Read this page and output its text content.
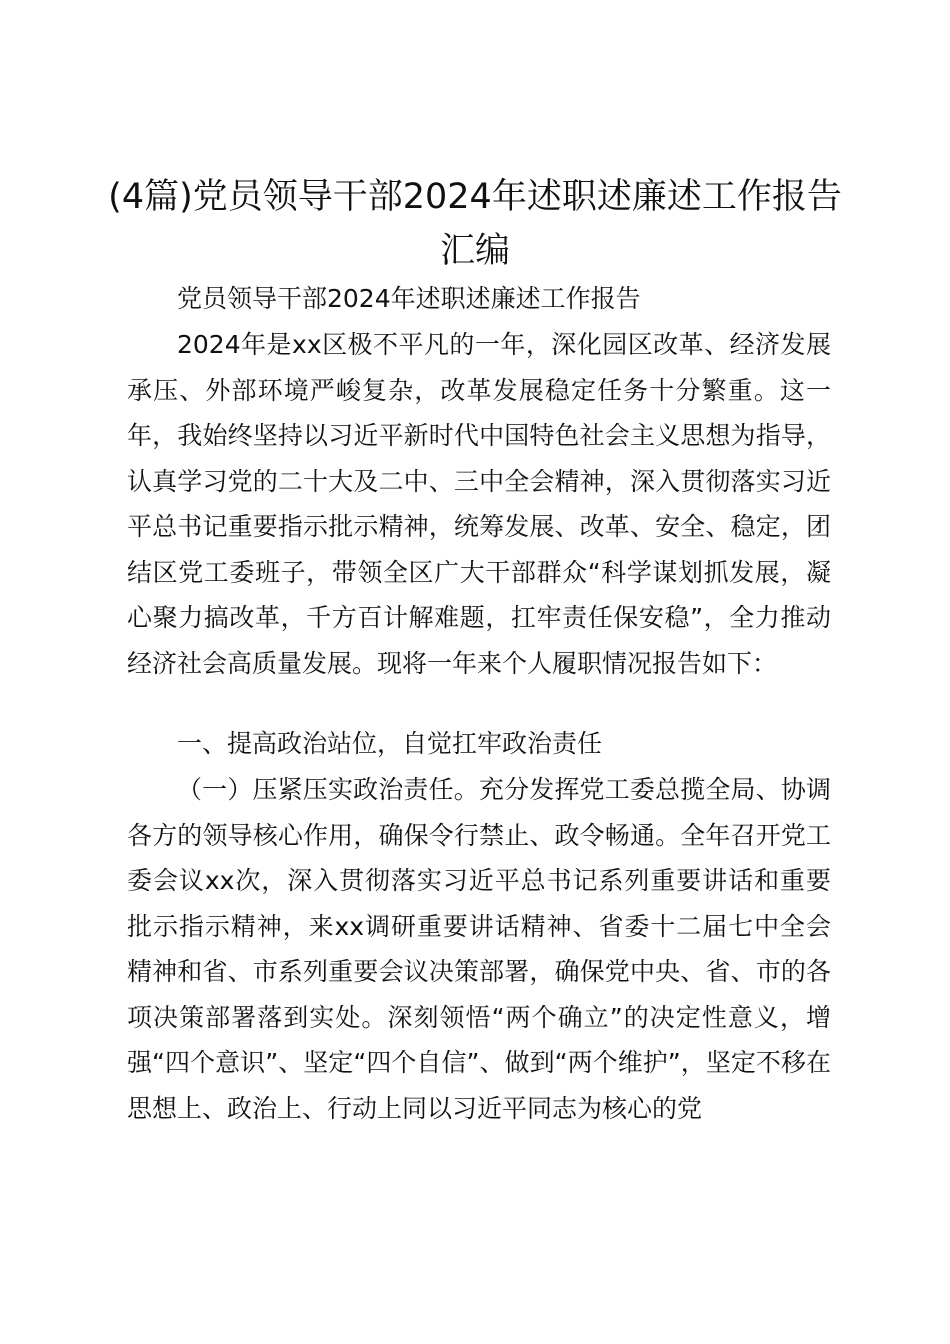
(4篇)党员领导干部2024年述职述廉述工作报告汇编

党员领导干部2024年述职述廉述工作报告

2024年是xx区极不平凡的一年，深化园区改革、经济发展承压、外部环境严峻复杂，改革发展稳定任务十分繁重。这一年，我始终坚持以习近平新时代中国特色社会主义思想为指导，认真学习党的二十大及二中、三中全会精神，深入贯彻落实习近平总书记重要指示批示精神，统筹发展、改革、安全、稳定，团结区党工委班子，带领全区广大干部群众“科学谋划抓发展，凝心聚力搞改革，千方百计解难题，扛牢责任保安稳”，全力推动经济社会高质量发展。现将一年来个人履职情况报告如下：

一、提高政治站位，自觉扛牢政治责任

（一）压紧压实政治责任。充分发挥党工委总揽全局、协调各方的领导核心作用，确保令行禁止、政令畅通。全年召开党工委会议xx次，深入贯彻落实习近平总书记系列重要讲话和重要批示指示精神，来xx调研重要讲话精神、省委十二届七中全会精神和省、市系列重要会议决策部署，确保党中央、省、市的各项决策部署落到实处。深刻领悟“两个确立”的决定性意义，增强“四个意识”、坚定“四个自信”、做到“两个维护”，坚定不移在思想上、政治上、行动上同以习近平同志为核心的党
